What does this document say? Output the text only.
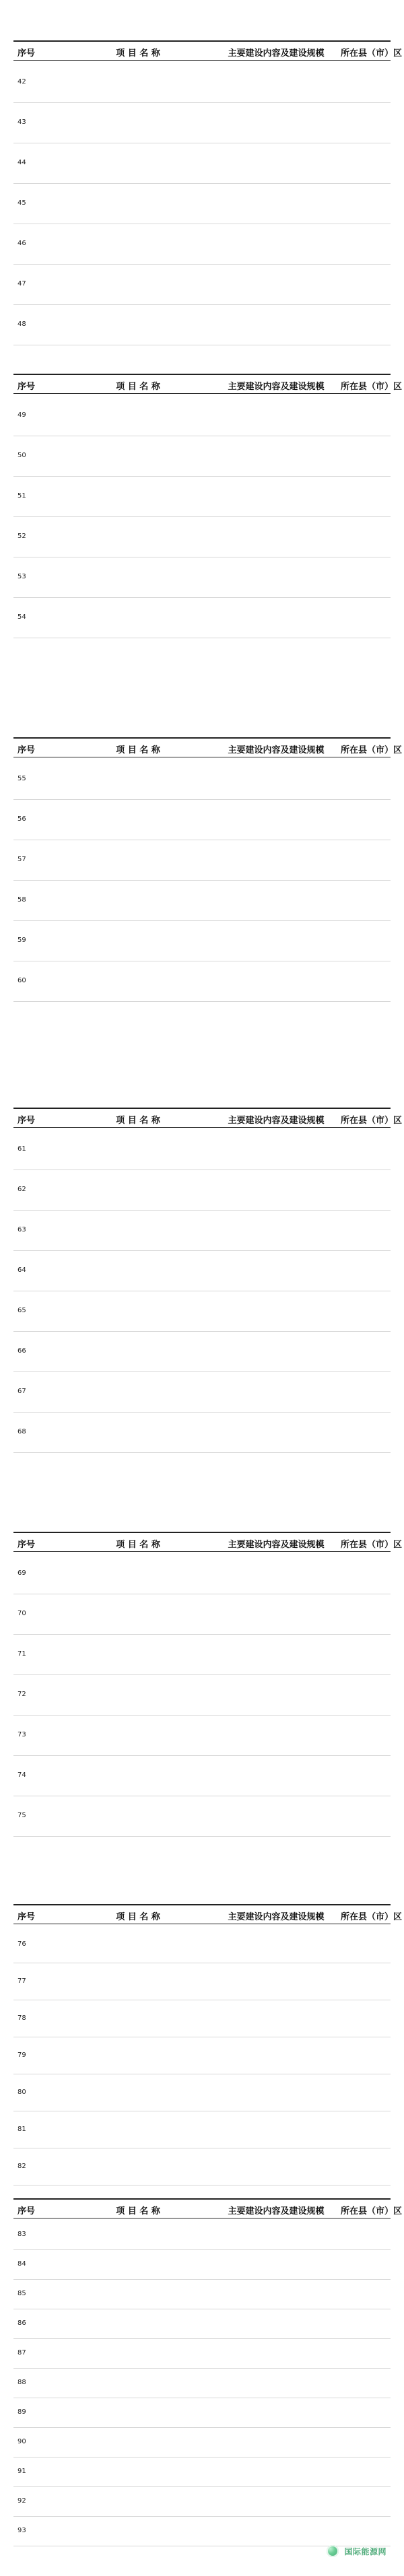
序号	项 目 名 称	主要建设内容及建设规模	所在县（市）区
42			
43			
44			
45			
46			
47			
48			
序号	项 目 名 称	主要建设内容及建设规模	所在县（市）区
49			
50			
51			
52			
53			
54			
序号	项 目 名 称	主要建设内容及建设规模	所在县（市）区
55			
56			
57			
58			
59			
60			
序号	项 目 名 称	主要建设内容及建设规模	所在县（市）区
61			
62			
63			
64			
65			
66			
67			
68			
序号	项 目 名 称	主要建设内容及建设规模	所在县（市）区
69			
70			
71			
72			
73			
74			
75			
序号	项 目 名 称	主要建设内容及建设规模	所在县（市）区
76			
77			
78			
79			
80			
81			
82			
序号	项 目 名 称	主要建设内容及建设规模	所在县（市）区
83			
84			
85			
86			
87			
88			
89			
90			
91			
92			
93			
国际能源网
